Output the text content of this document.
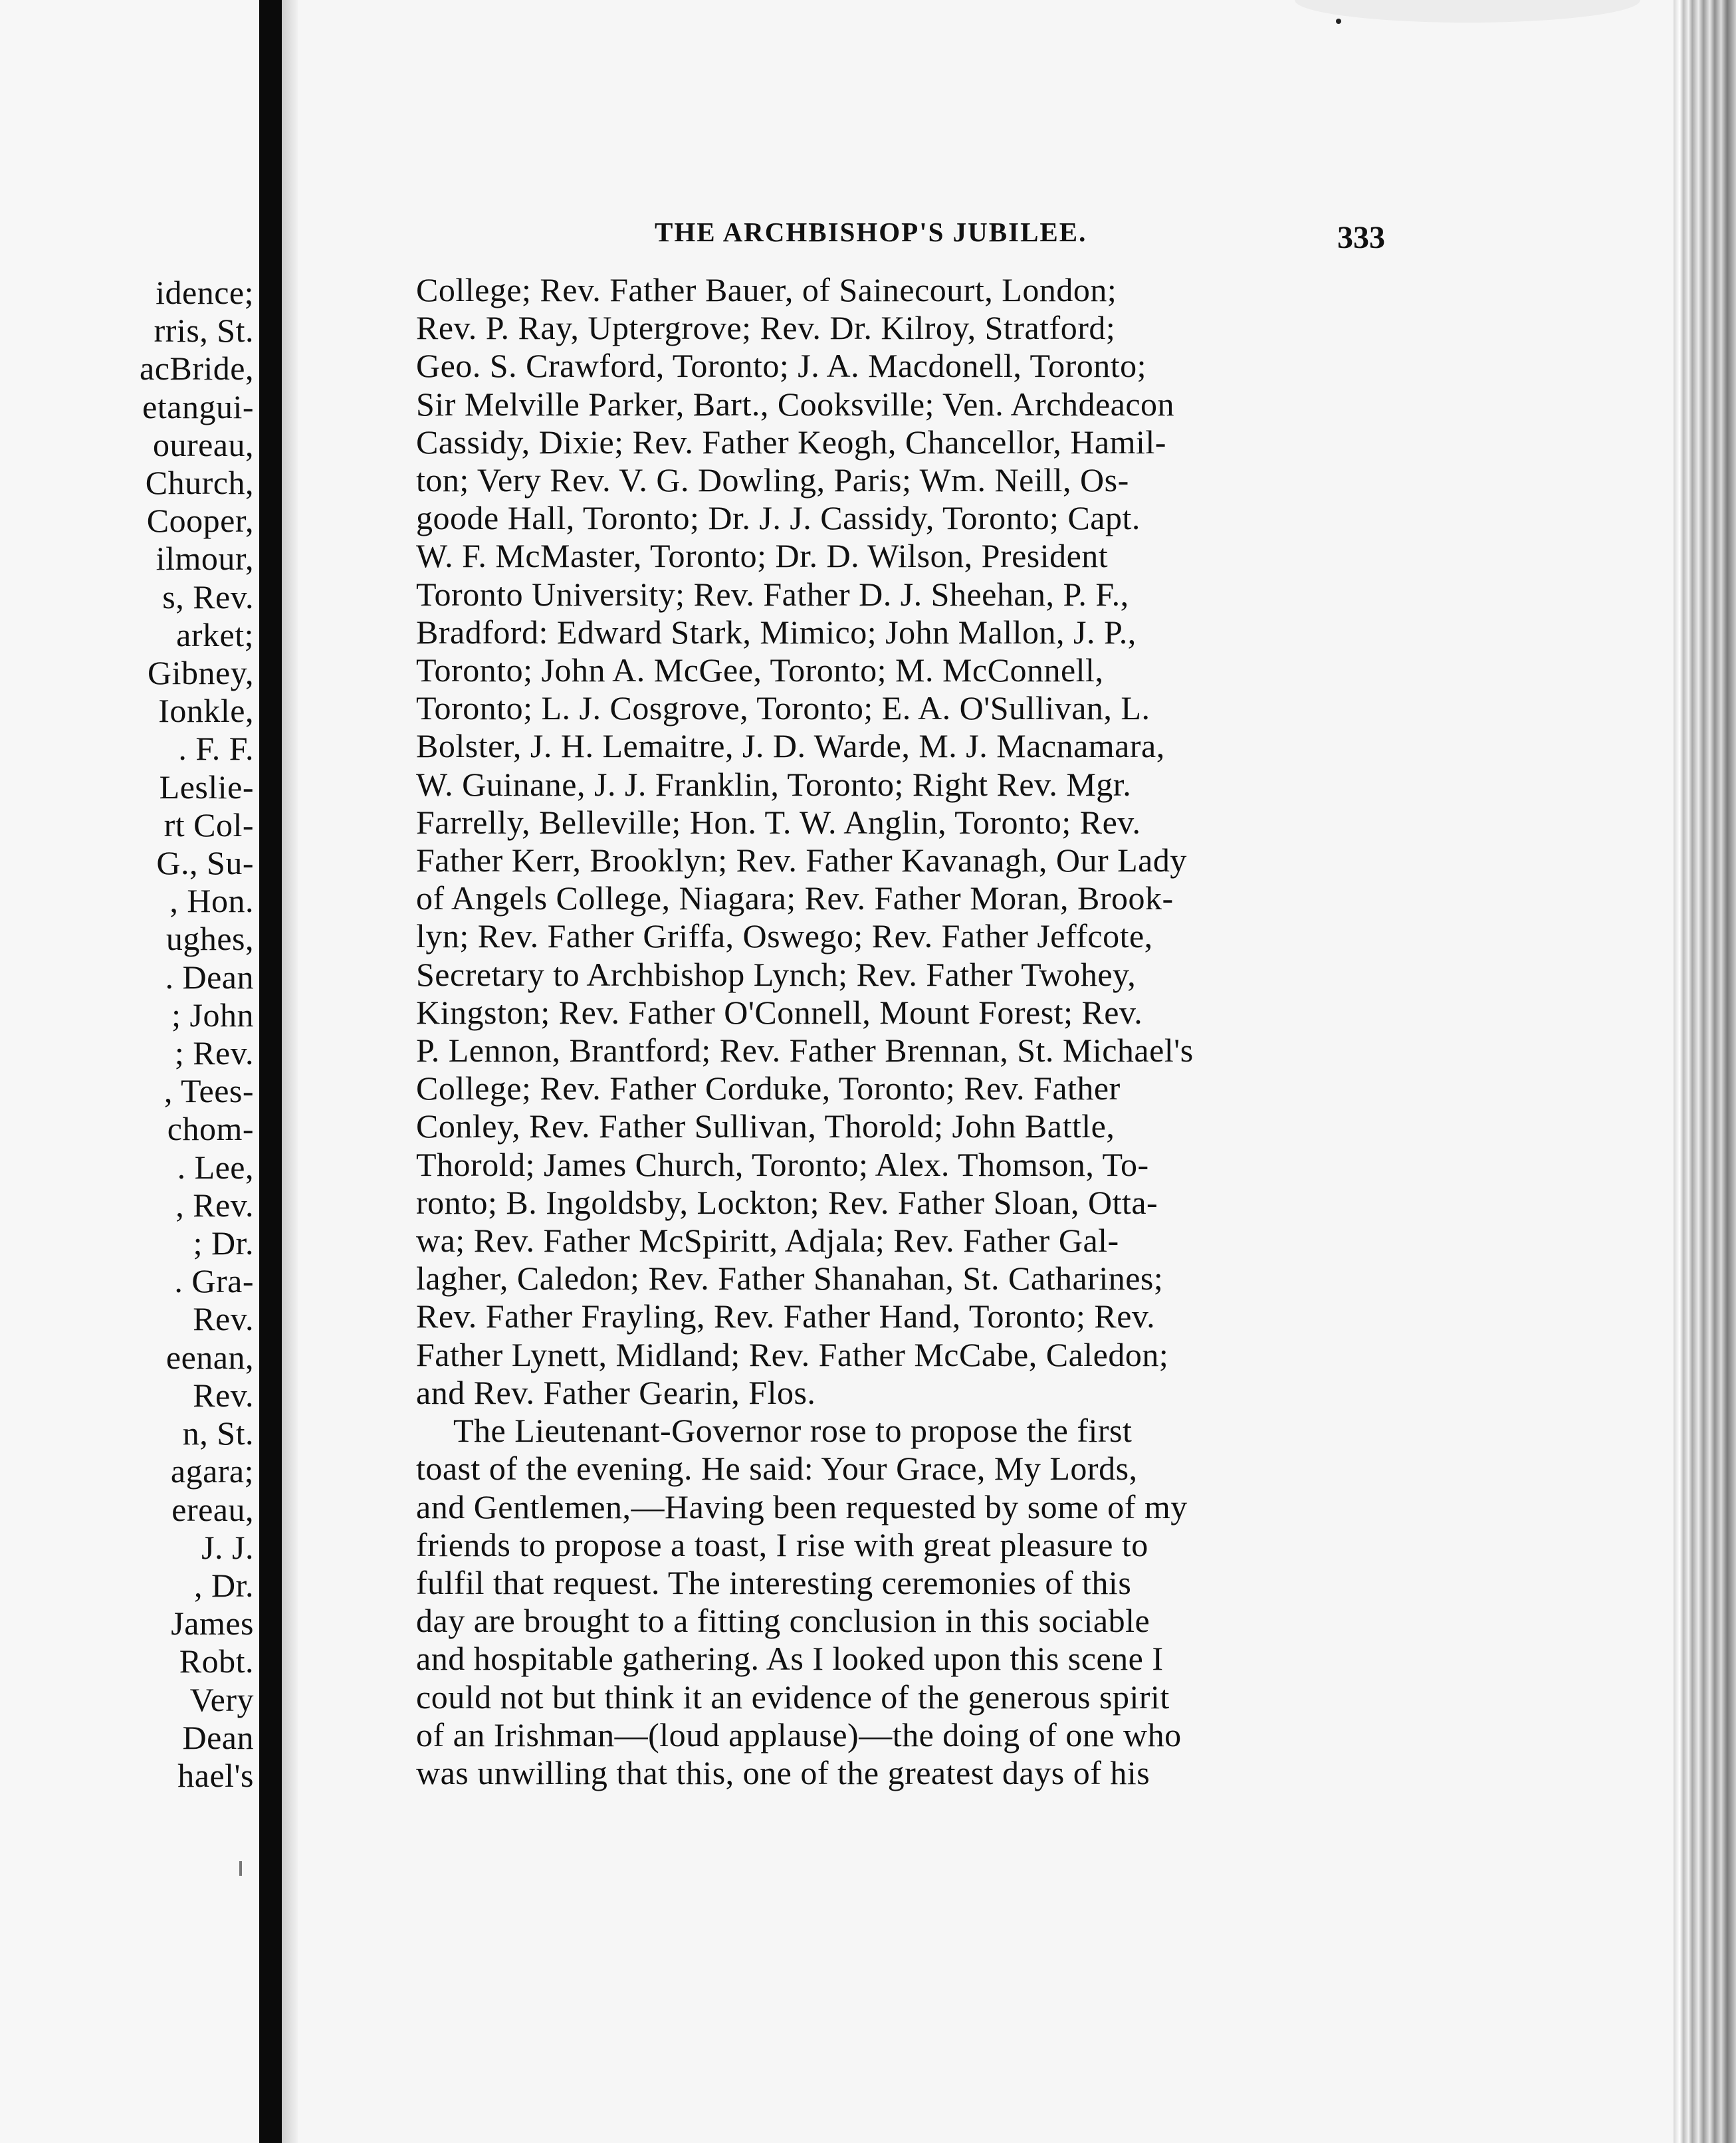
idence;
rris, St.
acBride,
etangui-
oureau,
Church,
Cooper,
ilmour,
s, Rev.
arket;
Gibney,
Ionkle,
. F. F.
Leslie-
rt Col-
G., Su-
, Hon.
ughes,
. Dean
; John
; Rev.
, Tees-
chom-
. Lee,
, Rev.
; Dr.
. Gra-
Rev.
eenan,
Rev.
n, St.
agara;
ereau,
J. J.
, Dr.
James
Robt.
Very
Dean
hael's
THE ARCHBISHOP'S JUBILEE.	333
College; Rev. Father Bauer, of Sainecourt, London;
Rev. P. Ray, Uptergrove; Rev. Dr. Kilroy, Stratford;
Geo. S. Crawford, Toronto; J. A. Macdonell, Toronto;
Sir Melville Parker, Bart., Cooksville; Ven. Archdeacon
Cassidy, Dixie; Rev. Father Keogh, Chancellor, Hamil-
ton; Very Rev. V. G. Dowling, Paris; Wm. Neill, Os-
goode Hall, Toronto; Dr. J. J. Cassidy, Toronto; Capt.
W. F. McMaster, Toronto; Dr. D. Wilson, President
Toronto University; Rev. Father D. J. Sheehan, P. F.,
Bradford: Edward Stark, Mimico; John Mallon, J. P.,
Toronto; John A. McGee, Toronto; M. McConnell,
Toronto; L. J. Cosgrove, Toronto; E. A. O'Sullivan, L.
Bolster, J. H. Lemaitre, J. D. Warde, M. J. Macnamara,
W. Guinane, J. J. Franklin, Toronto; Right Rev. Mgr.
Farrelly, Belleville; Hon. T. W. Anglin, Toronto; Rev.
Father Kerr, Brooklyn; Rev. Father Kavanagh, Our Lady
of Angels College, Niagara; Rev. Father Moran, Brook-
lyn; Rev. Father Griffa, Oswego; Rev. Father Jeffcote,
Secretary to Archbishop Lynch; Rev. Father Twohey,
Kingston; Rev. Father O'Connell, Mount Forest; Rev.
P. Lennon, Brantford; Rev. Father Brennan, St. Michael's
College; Rev. Father Corduke, Toronto; Rev. Father
Conley, Rev. Father Sullivan, Thorold; John Battle,
Thorold; James Church, Toronto; Alex. Thomson, To-
ronto; B. Ingoldsby, Lockton; Rev. Father Sloan, Otta-
wa; Rev. Father McSpiritt, Adjala; Rev. Father Gal-
lagher, Caledon; Rev. Father Shanahan, St. Catharines;
Rev. Father Frayling, Rev. Father Hand, Toronto; Rev.
Father Lynett, Midland; Rev. Father McCabe, Caledon;
and Rev. Father Gearin, Flos.
The Lieutenant-Governor rose to propose the first
toast of the evening. He said: Your Grace, My Lords,
and Gentlemen,—Having been requested by some of my
friends to propose a toast, I rise with great pleasure to
fulfil that request. The interesting ceremonies of this
day are brought to a fitting conclusion in this sociable
and hospitable gathering. As I looked upon this scene I
could not but think it an evidence of the generous spirit
of an Irishman—(loud applause)—the doing of one who
was unwilling that this, one of the greatest days of his
